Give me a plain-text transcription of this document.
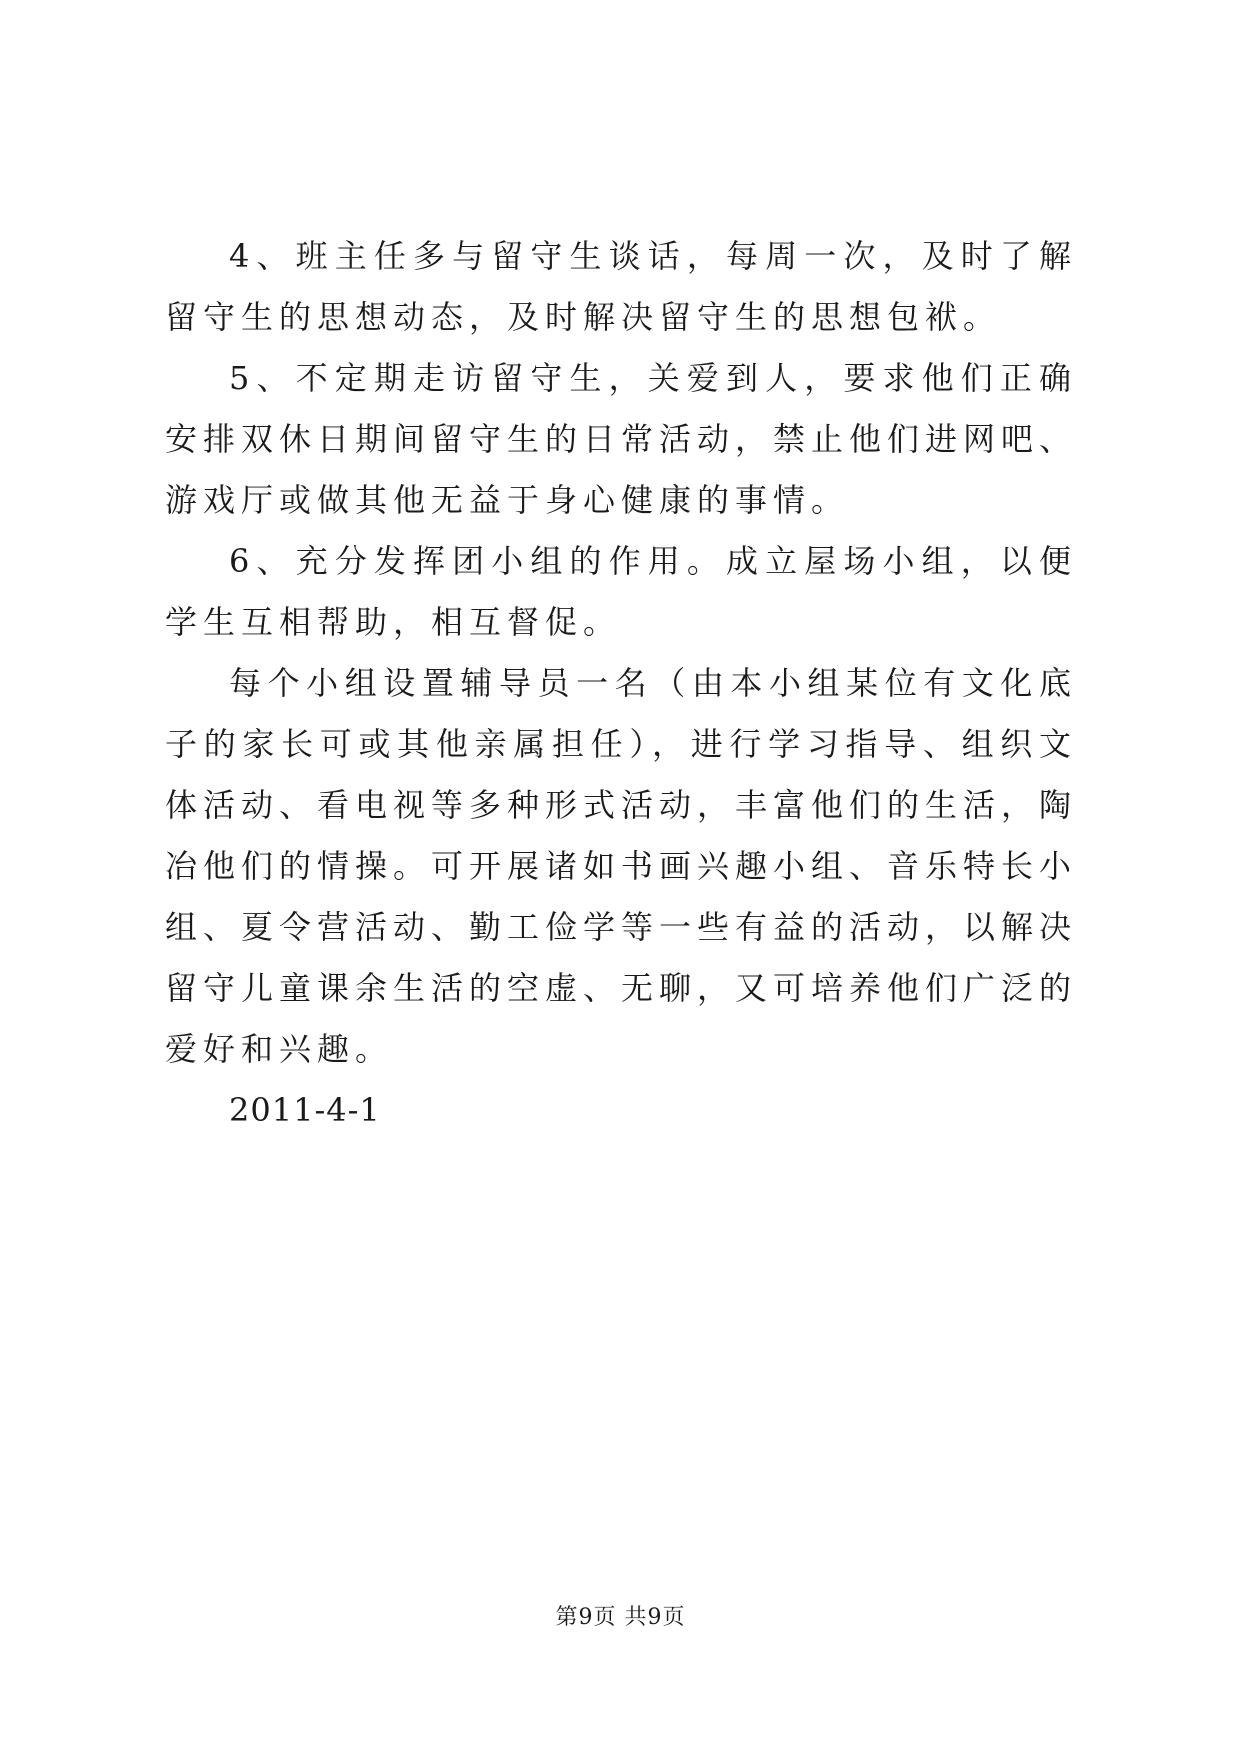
4、班主任多与留守生谈话，每周一次，及时了解留守生的思想动态，及时解决留守生的思想包袱。

5、不定期走访留守生，关爱到人，要求他们正确安排双休日期间留守生的日常活动，禁止他们进网吧、游戏厅或做其他无益于身心健康的事情。

6、充分发挥团小组的作用。成立屋场小组，以便学生互相帮助，相互督促。

每个小组设置辅导员一名（由本小组某位有文化底子的家长可或其他亲属担任），进行学习指导、组织文体活动、看电视等多种形式活动，丰富他们的生活，陶冶他们的情操。可开展诸如书画兴趣小组、音乐特长小组、夏令营活动、勤工俭学等一些有益的活动，以解决留守儿童课余生活的空虚、无聊，又可培养他们广泛的爱好和兴趣。

2011-4-1

第9页 共9页
